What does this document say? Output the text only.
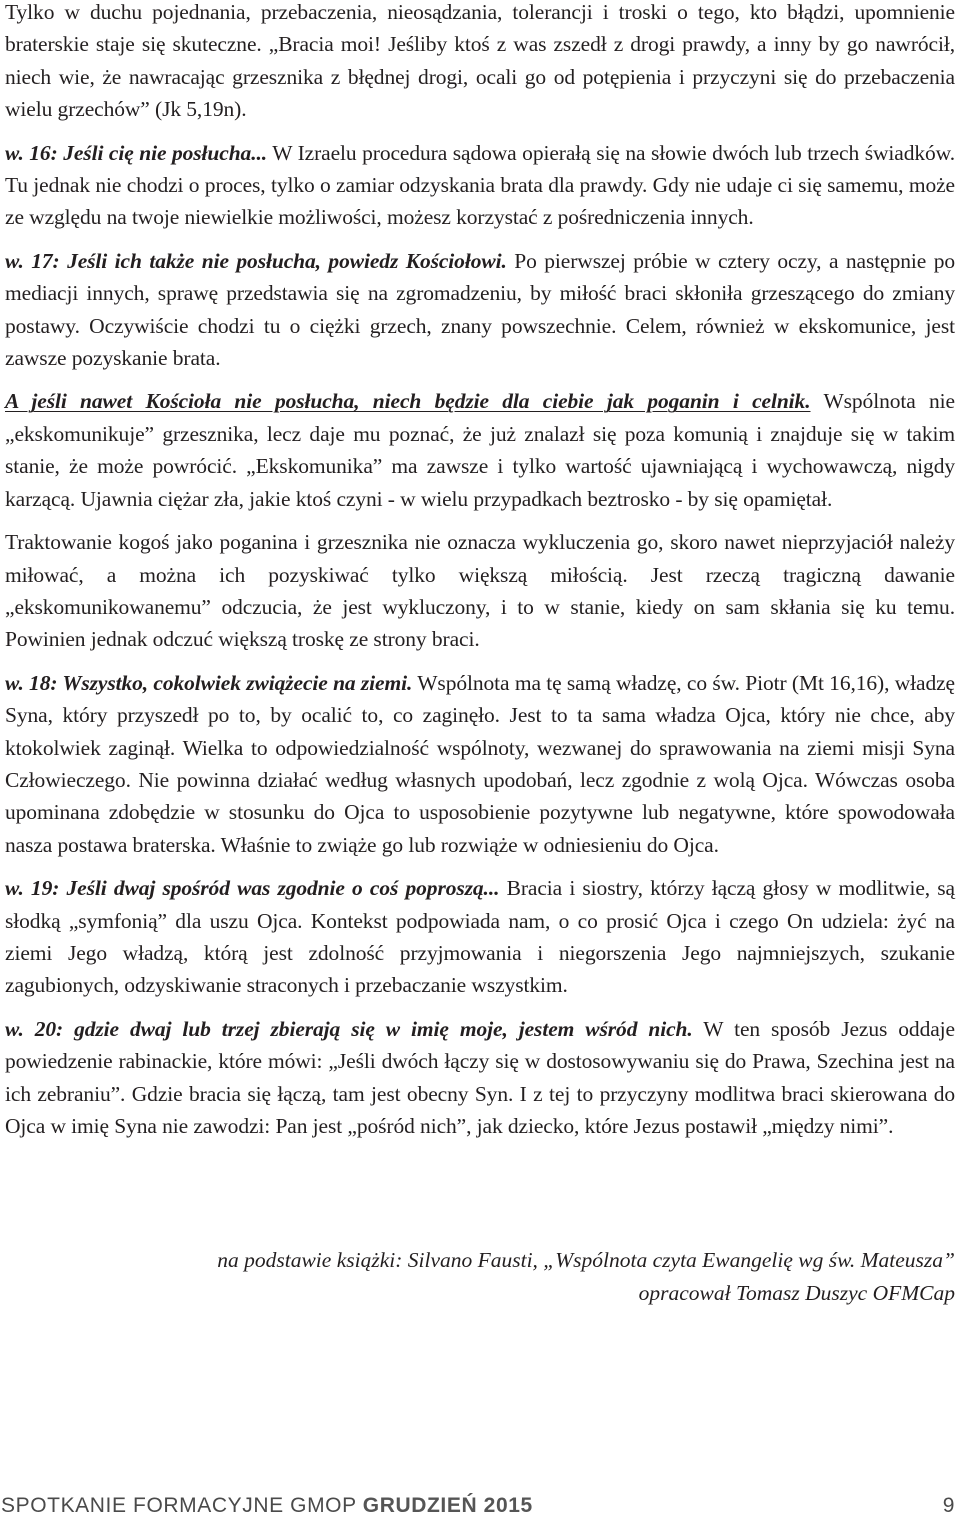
Tylko w duchu pojednania, przebaczenia, nieosądzania, tolerancji i troski o tego, kto błądzi, upomnienie braterskie staje się skuteczne. „Bracia moi! Jeśliby ktoś z was zszedł z drogi prawdy, a inny by go nawrócił, niech wie, że nawracając grzesznika z błędnej drogi, ocali go od potępienia i przyczyni się do przebaczenia wielu grzechów” (Jk 5,19n).

w. 16: Jeśli cię nie posłucha... W Izraelu procedura sądowa opierałą się na słowie dwóch lub trzech świadków. Tu jednak nie chodzi o proces, tylko o zamiar odzyskania brata dla prawdy. Gdy nie udaje ci się samemu, może ze względu na twoje niewielkie możliwości, możesz korzystać z pośredniczenia innych.

w. 17: Jeśli ich także nie posłucha, powiedz Kościołowi. Po pierwszej próbie w cztery oczy, a następnie po mediacji innych, sprawę przedstawia się na zgromadzeniu, by miłość braci skłoniła grzeszącego do zmiany postawy. Oczywiście chodzi tu o ciężki grzech, znany powszechnie. Celem, również w ekskomunice, jest zawsze pozyskanie brata.

A jeśli nawet Kościoła nie posłucha, niech będzie dla ciebie jak poganin i celnik. Wspólnota nie „ekskomunikuje” grzesznika, lecz daje mu poznać, że już znalazł się poza komunią i znajduje się w takim stanie, że może powrócić. „Ekskomunika” ma zawsze i tylko wartość ujawniającą i wychowawczą, nigdy karzącą. Ujawnia ciężar zła, jakie ktoś czyni - w wielu przypadkach beztrosko - by się opamiętał.

Traktowanie kogoś jako poganina i grzesznika nie oznacza wykluczenia go, skoro nawet nieprzyjaciół należy miłować, a można ich pozyskiwać tylko większą miłością. Jest rzeczą tragiczną dawanie „ekskomunikowanemu” odczucia, że jest wykluczony, i to w stanie, kiedy on sam skłania się ku temu. Powinien jednak odczuć większą troskę ze strony braci.

w. 18: Wszystko, cokolwiek zwiążecie na ziemi. Wspólnota ma tę samą władzę, co św. Piotr (Mt 16,16), władzę Syna, który przyszedł po to, by ocalić to, co zaginęło. Jest to ta sama władza Ojca, który nie chce, aby ktokolwiek zaginął. Wielka to odpowiedzialność wspólnoty, wezwanej do sprawowania na ziemi misji Syna Człowieczego. Nie powinna działać według własnych upodobań, lecz zgodnie z wolą Ojca. Wówczas osoba upominana zdobędzie w stosunku do Ojca to usposobienie pozytywne lub negatywne, które spowodowała nasza postawa braterska. Właśnie to zwiąże go lub rozwiąże w odniesieniu do Ojca.

w. 19: Jeśli dwaj spośród was zgodnie o coś poproszą... Bracia i siostry, którzy łączą głosy w modlitwie, są słodką „symfonią” dla uszu Ojca. Kontekst podpowiada nam, o co prosić Ojca i czego On udziela: żyć na ziemi Jego władzą, którą jest zdolność przyjmowania i niegorszenia Jego najmniejszych, szukanie zagubionych, odzyskiwanie straconych i przebaczanie wszystkim.

w. 20: gdzie dwaj lub trzej zbierają się w imię moje, jestem wśród nich. W ten sposób Jezus oddaje powiedzenie rabinackie, które mówi: „Jeśli dwóch łączy się w dostosowywaniu się do Prawa, Szechina jest na ich zebraniu”. Gdzie bracia się łączą, tam jest obecny Syn. I z tej to przyczyny modlitwa braci skierowana do Ojca w imię Syna nie zawodzi: Pan jest „pośród nich”, jak dziecko, które Jezus postawił „między nimi”.

na podstawie książki: Silvano Fausti, „Wspólnota czyta Ewangelię wg św. Mateusza”
opracował Tomasz Duszyc OFMCap
SPOTKANIE FORMACYJNE GMOP GRUDZIEŃ 2015	9
